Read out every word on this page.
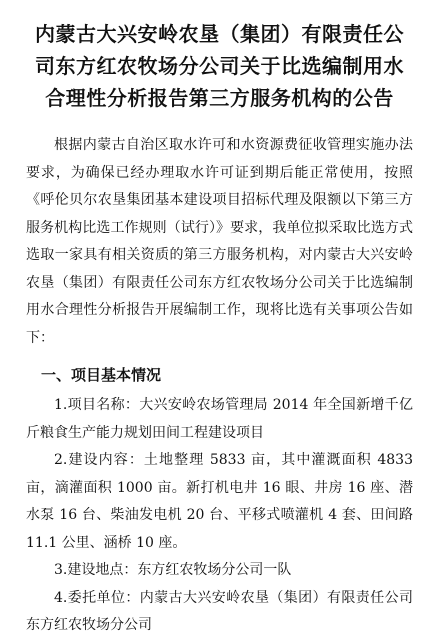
内蒙古大兴安岭农垦（集团）有限责任公
司东方红农牧场分公司关于比选编制用水
合理性分析报告第三方服务机构的公告

根据内蒙古自治区取水许可和水资源费征收管理实施办法要求，为确保已经办理取水许可证到期后能正常使用，按照《呼伦贝尔农垦集团基本建设项目招标代理及限额以下第三方服务机构比选工作规则（试行）》要求，我单位拟采取比选方式选取一家具有相关资质的第三方服务机构，对内蒙古大兴安岭农垦（集团）有限责任公司东方红农牧场分公司关于比选编制用水合理性分析报告开展编制工作，现将比选有关事项公告如下：

一、项目基本情况

1.项目名称：大兴安岭农场管理局 2014 年全国新增千亿斤粮食生产能力规划田间工程建设项目

2.建设内容：土地整理 5833 亩，其中灌溉面积 4833 亩，滴灌面积 1000 亩。新打机电井 16 眼、井房 16 座、潜水泵 16 台、柴油发电机 20 台、平移式喷灌机 4 套、田间路 11.1 公里、涵桥 10 座。

3.建设地点：东方红农牧场分公司一队

4.委托单位：内蒙古大兴安岭农垦（集团）有限责任公司东方红农牧场分公司
